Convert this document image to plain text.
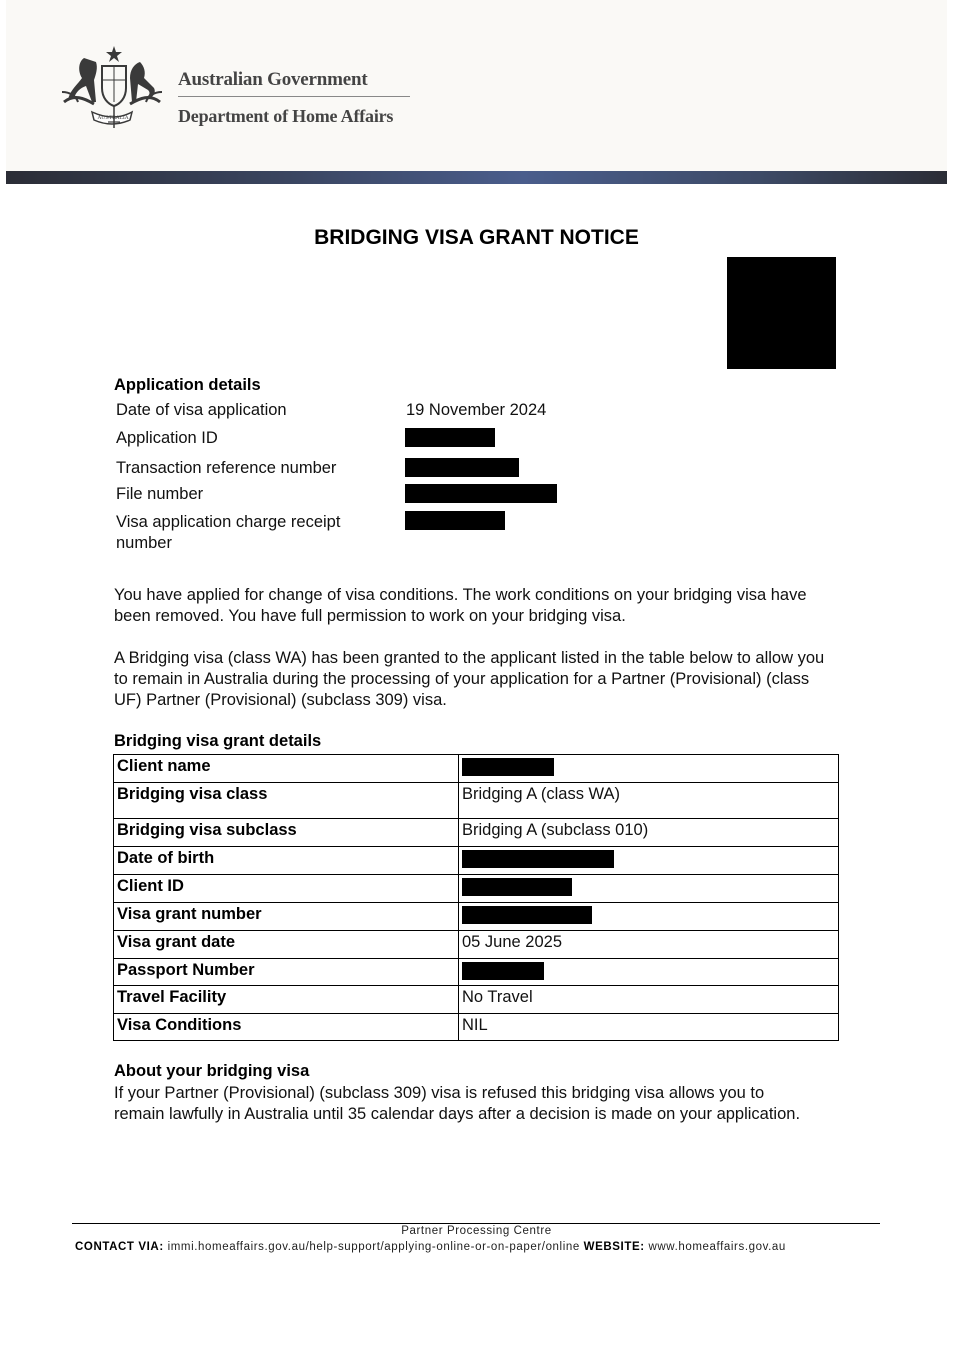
AUSTRALIA
Australian Government
Department of Home Affairs
BRIDGING VISA GRANT NOTICE
Application details
Date of visa application	19 November 2024
Application ID
Transaction reference number
File number
Visa application charge receipt number
You have applied for change of visa conditions. The work conditions on your bridging visa have been removed. You have full permission to work on your bridging visa.
A Bridging visa (class WA) has been granted to the applicant listed in the table below to allow you to remain in Australia during the processing of your application for a Partner (Provisional) (class UF) Partner (Provisional) (subclass 309) visa.
Bridging visa grant details
Client name	

Bridging visa class	Bridging A (class WA)
Bridging visa subclass	Bridging A (subclass 010)
Date of birth	

Client ID	

Visa grant number	

Visa grant date	05 June 2025
Passport Number	

Travel Facility	No Travel
Visa Conditions	NIL
About your bridging visa
If your Partner (Provisional) (subclass 309) visa is refused this bridging visa allows you to remain lawfully in Australia until 35 calendar days after a decision is made on your application.
Partner Processing Centre
CONTACT VIA: immi.homeaffairs.gov.au/help-support/applying-online-or-on-paper/online WEBSITE: www.homeaffairs.gov.au
